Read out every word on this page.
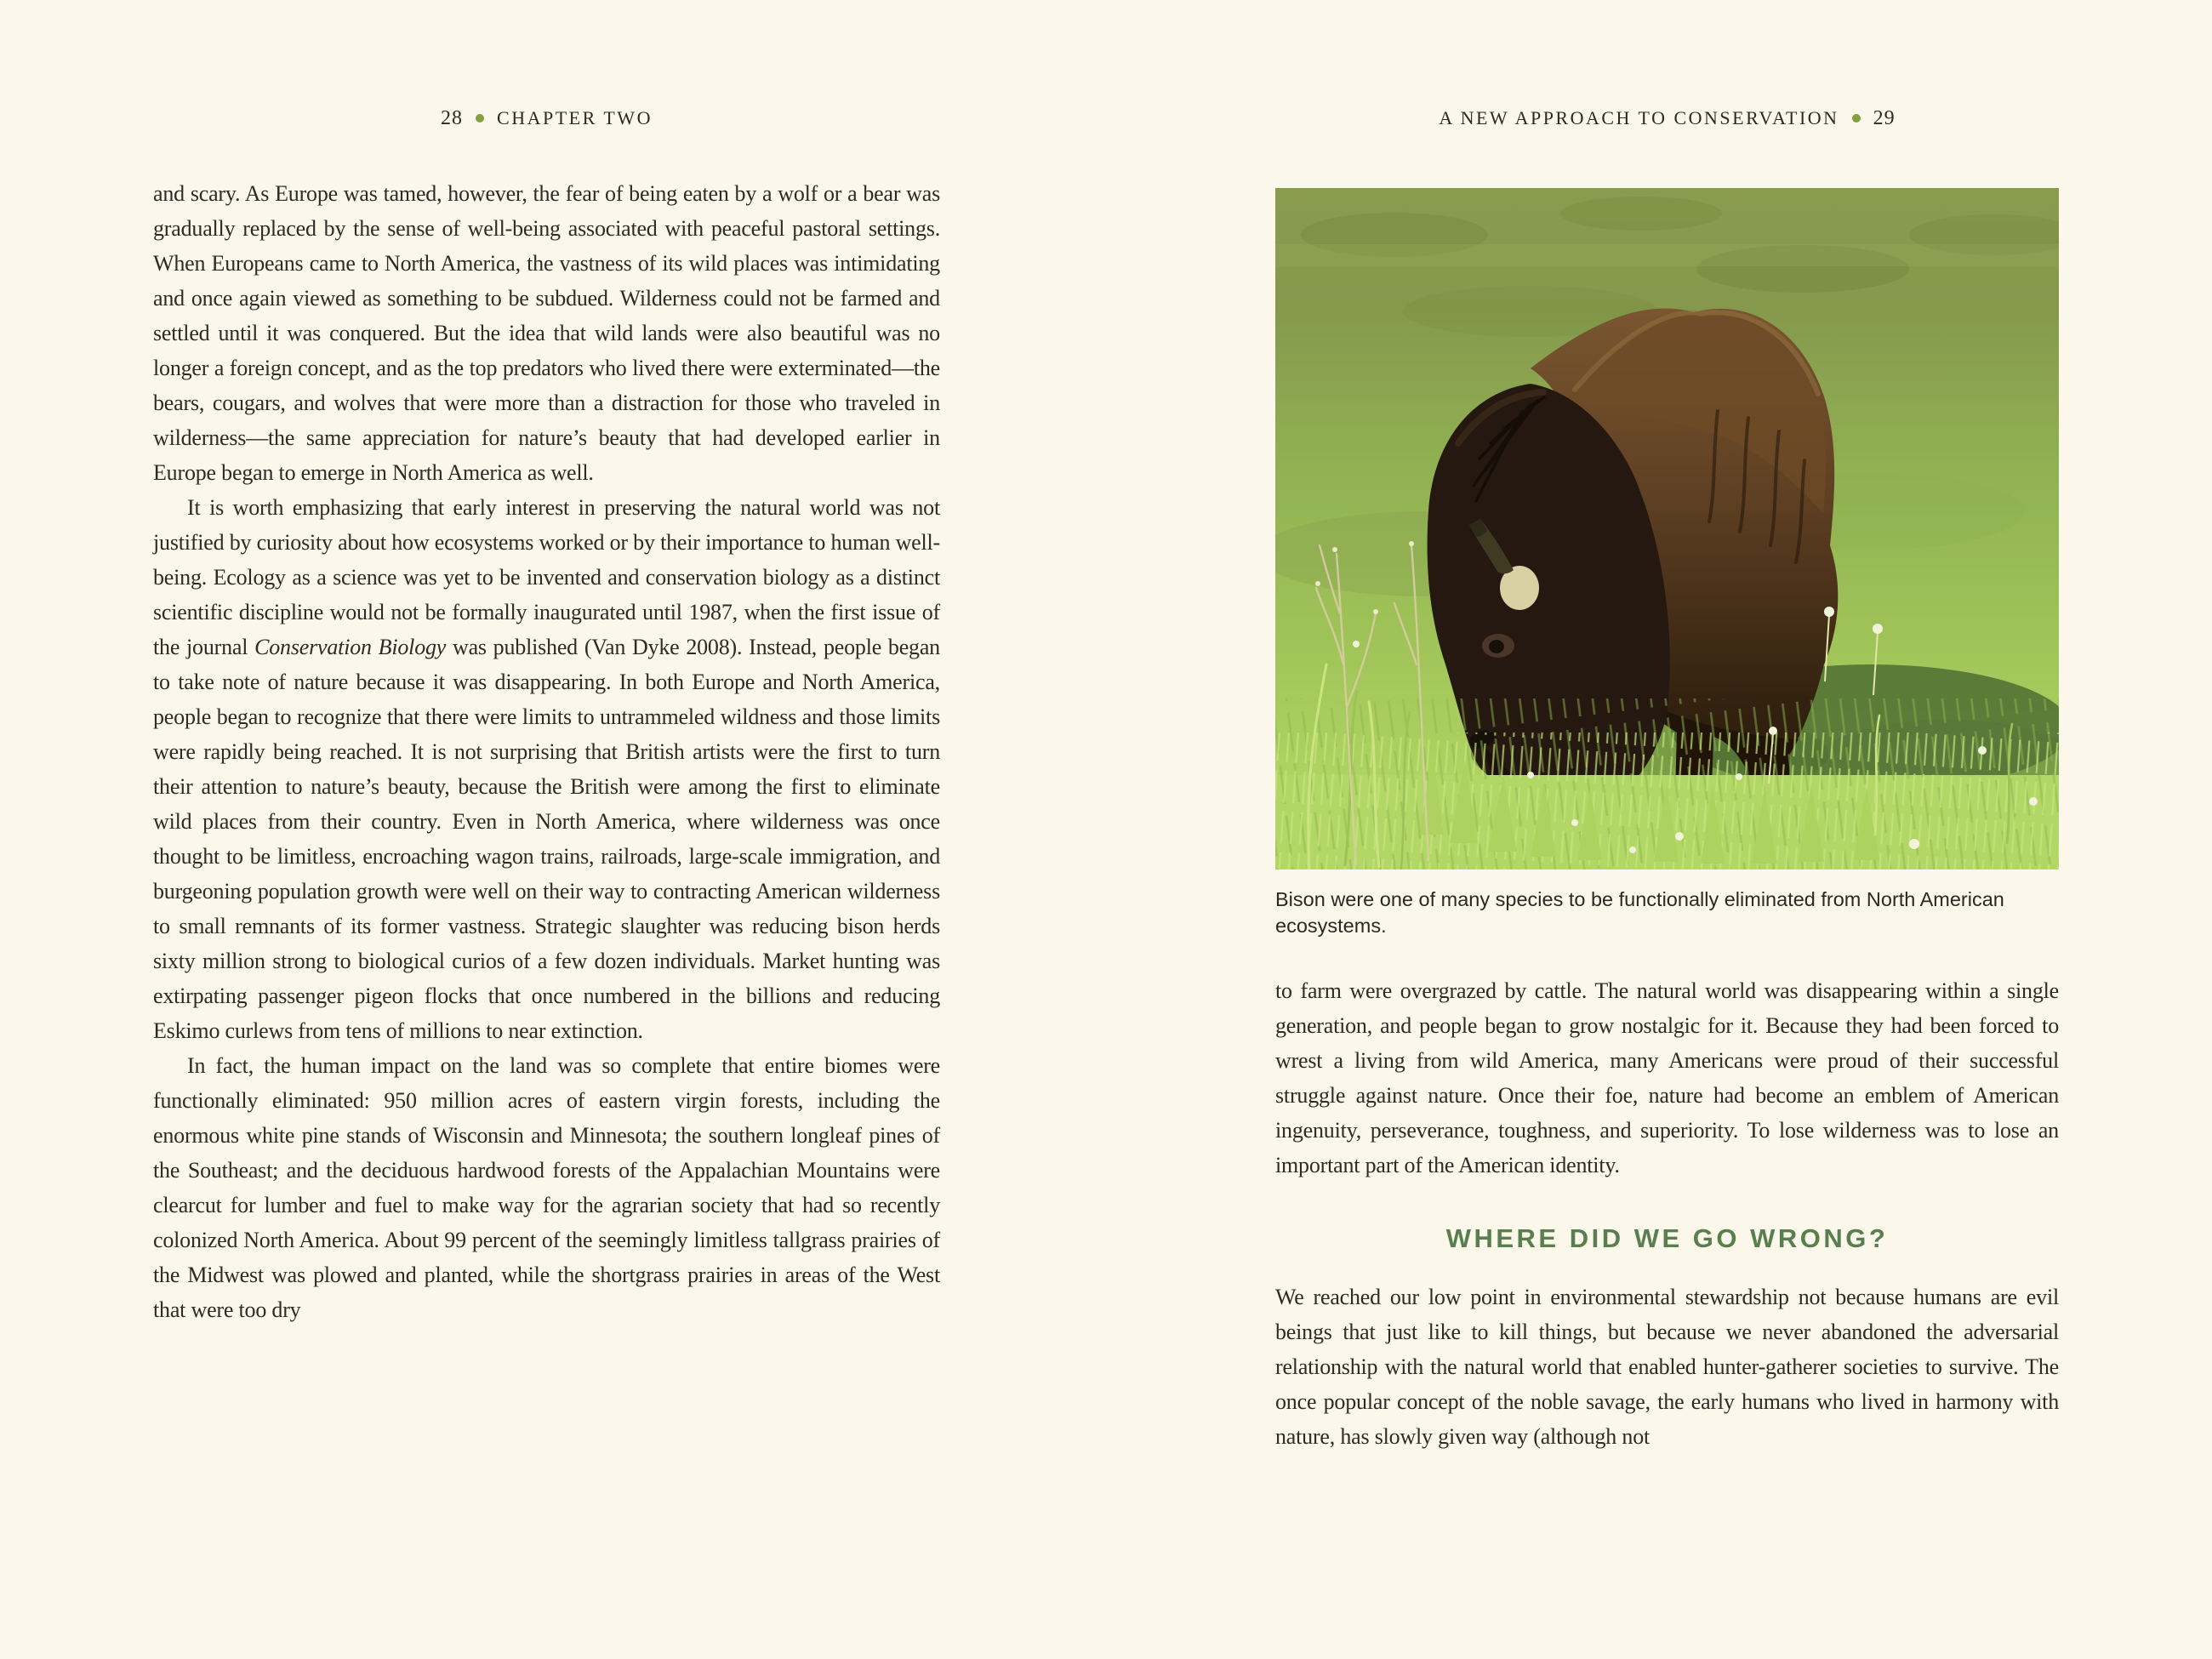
28 CHAPTER TWO

and scary. As Europe was tamed, however, the fear of being eaten by a wolf or a bear was gradually replaced by the sense of well-being associated with peaceful pastoral settings. When Europeans came to North America, the vastness of its wild places was intimidating and once again viewed as something to be subdued. Wilderness could not be farmed and settled until it was conquered. But the idea that wild lands were also beautiful was no longer a foreign concept, and as the top predators who lived there were exterminated—the bears, cougars, and wolves that were more than a distraction for those who traveled in wilderness—the same appreciation for nature’s beauty that had developed earlier in Europe began to emerge in North America as well.

It is worth emphasizing that early interest in preserving the natural world was not justified by curiosity about how ecosystems worked or by their importance to human well-being. Ecology as a science was yet to be invented and conservation biology as a distinct scientific discipline would not be formally inaugurated until 1987, when the first issue of the journal Conservation Biology was published (Van Dyke 2008). Instead, people began to take note of nature because it was disappearing. In both Europe and North America, people began to recognize that there were limits to untrammeled wildness and those limits were rapidly being reached. It is not surprising that British artists were the first to turn their attention to nature’s beauty, because the British were among the first to eliminate wild places from their country. Even in North America, where wilderness was once thought to be limitless, encroaching wagon trains, railroads, large-scale immigration, and burgeoning population growth were well on their way to contracting American wilderness to small remnants of its former vastness. Strategic slaughter was reducing bison herds sixty million strong to biological curios of a few dozen individuals. Market hunting was extirpating passenger pigeon flocks that once numbered in the billions and reducing Eskimo curlews from tens of millions to near extinction.

In fact, the human impact on the land was so complete that entire biomes were functionally eliminated: 950 million acres of eastern virgin forests, including the enormous white pine stands of Wisconsin and Minnesota; the southern longleaf pines of the Southeast; and the deciduous hardwood forests of the Appalachian Mountains were clearcut for lumber and fuel to make way for the agrarian society that had so recently colonized North America. About 99 percent of the seemingly limitless tallgrass prairies of the Midwest was plowed and planted, while the shortgrass prairies in areas of the West that were too dry

A NEW APPROACH TO CONSERVATION 29
Bison were one of many species to be functionally eliminated from North American ecosystems.

to farm were overgrazed by cattle. The natural world was disappearing within a single generation, and people began to grow nostalgic for it. Because they had been forced to wrest a living from wild America, many Americans were proud of their successful struggle against nature. Once their foe, nature had become an emblem of American ingenuity, perseverance, toughness, and superiority. To lose wilderness was to lose an important part of the American identity.

WHERE DID WE GO WRONG?

We reached our low point in environmental stewardship not because humans are evil beings that just like to kill things, but because we never abandoned the adversarial relationship with the natural world that enabled hunter-gatherer societies to survive. The once popular concept of the noble savage, the early humans who lived in harmony with nature, has slowly given way (although not
